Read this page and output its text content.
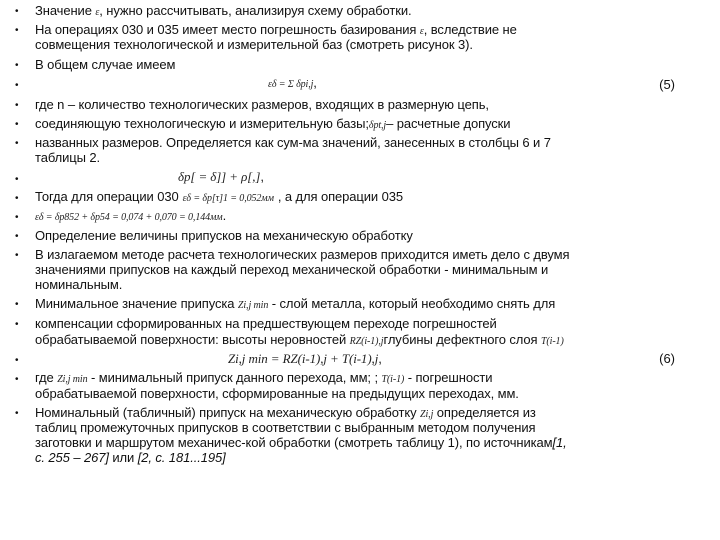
• Значение ε, нужно рассчитывать, анализируя схему обработки.
• На операциях 030 и 035 имеет место погрешность базирования ε, вследствие не
совмещения технологической и измерительной баз (смотреть рисунок 3).
• В общем случае имеем
•	εδ = Σ δрi,j,	(5)
• где n – количество технологических размеров, входящих в размерную цепь,
• соединяющую технологическую и измерительную базы;δрt,j– расчетные допуски
• названных размеров. Определяется как сум-ма значений, занесенных в столбцы 6 и 7
таблицы 2.
•	δр[ = δ]] + ρ[,],
• Тогда для операции 030 εδ = δр[τ]1 = 0,052мм , а для операции 035
• εδ = δр852 + δр54 = 0,074 + 0,070 = 0,144мм.
• Определение величины припусков на механическую обработку
• В излагаемом методе расчета технологических размеров приходится иметь дело с двумя
значениями припусков на каждый переход механической обработки - минимальным и
номинальным.
• Минимальное значение припуска Zi,j min - слой металла, который необходимо снять для
• компенсации сформированных на предшествующем переходе погрешностей
обрабатываемой поверхности: высоты неровностей RZ(i-1),jглубины дефектного слоя T(i-1)
•	Zi,j min = RZ(i-1),j + T(i-1),j,	(6)
• где Zi,j min - минимальный припуск данного перехода, мм; ; T(i-1) - погрешности
обрабатываемой поверхности, сформированные на предыдущих переходах, мм.
• Номинальный (табличный) припуск на механическую обработку Zi,j определяется из
таблиц промежуточных припусков в соответствии с выбранным методом получения
заготовки и маршрутом механичес-кой обработки (смотреть таблицу 1), по источникам[1,
с. 255 – 267] или [2, с. 181...195]
